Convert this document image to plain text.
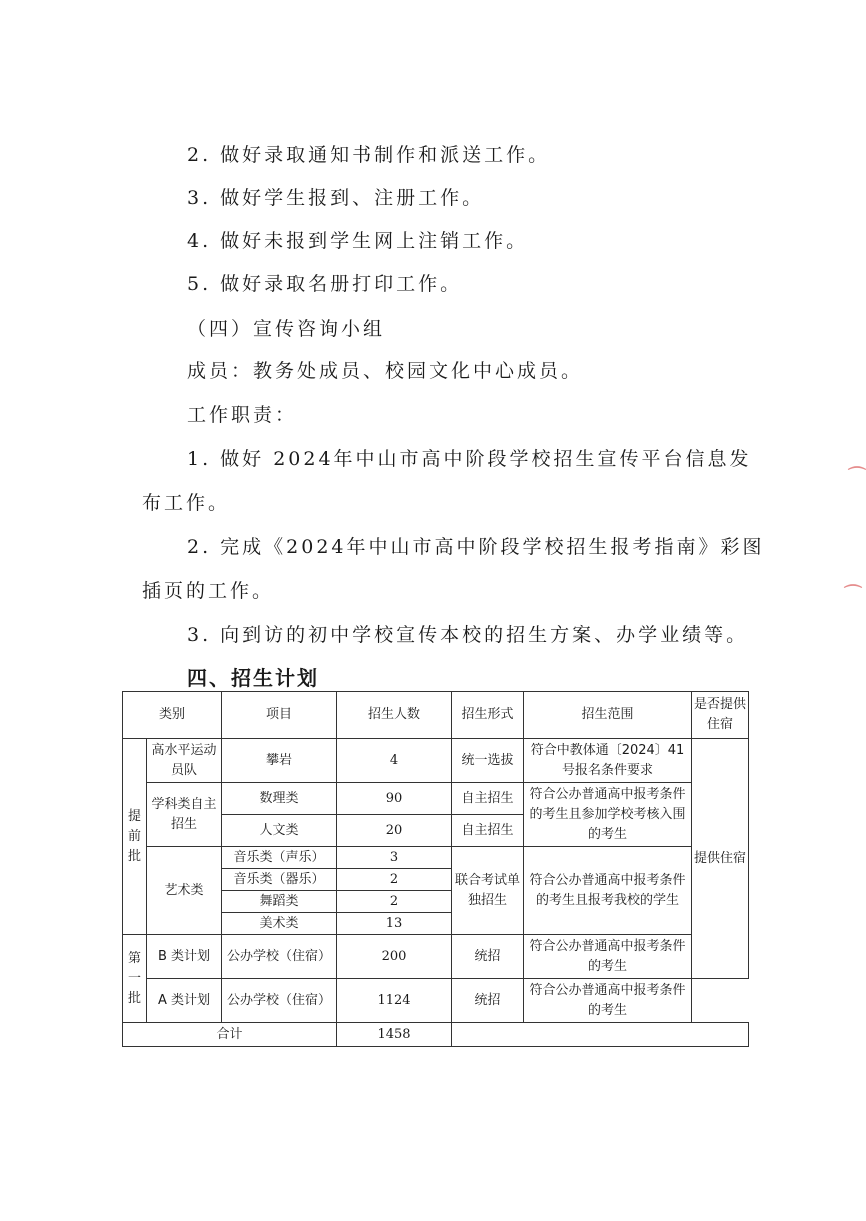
2. 做好录取通知书制作和派送工作。
3. 做好学生报到、注册工作。
4. 做好未报到学生网上注销工作。
5. 做好录取名册打印工作。
（四）宣传咨询小组
成员：教务处成员、校园文化中心成员。
工作职责：
1. 做好 2024年中山市高中阶段学校招生宣传平台信息发
布工作。
2. 完成《2024年中山市高中阶段学校招生报考指南》彩图
插页的工作。
3. 向到访的初中学校宣传本校的招生方案、办学业绩等。
四、招生计划
类别		项目	招生人数	招生形式	招生范围	是否提供住宿
提前批	高水平运动员队	攀岩	4	统一选拔	符合中教体通〔2024〕41 号报名条件要求	提供住宿
	学科类自主招生	数理类	90	自主招生	符合公办普通高中报考条件的考生且参加学校考核入围的考生	
		人文类	20	自主招生		
	艺术类	音乐类（声乐）	3	联合考试单独招生	符合公办普通高中报考条件的考生且报考我校的学生	
		音乐类（器乐）	2			
		舞蹈类	2			
		美术类	13			

第一批	B 类计划	公办学校（住宿）	200	统招	符合公办普通高中报考条件的考生	
	A 类计划	公办学校（住宿）	1124	统招	符合公办普通高中报考条件的考生	
合计			1458			
⌒
⌒
